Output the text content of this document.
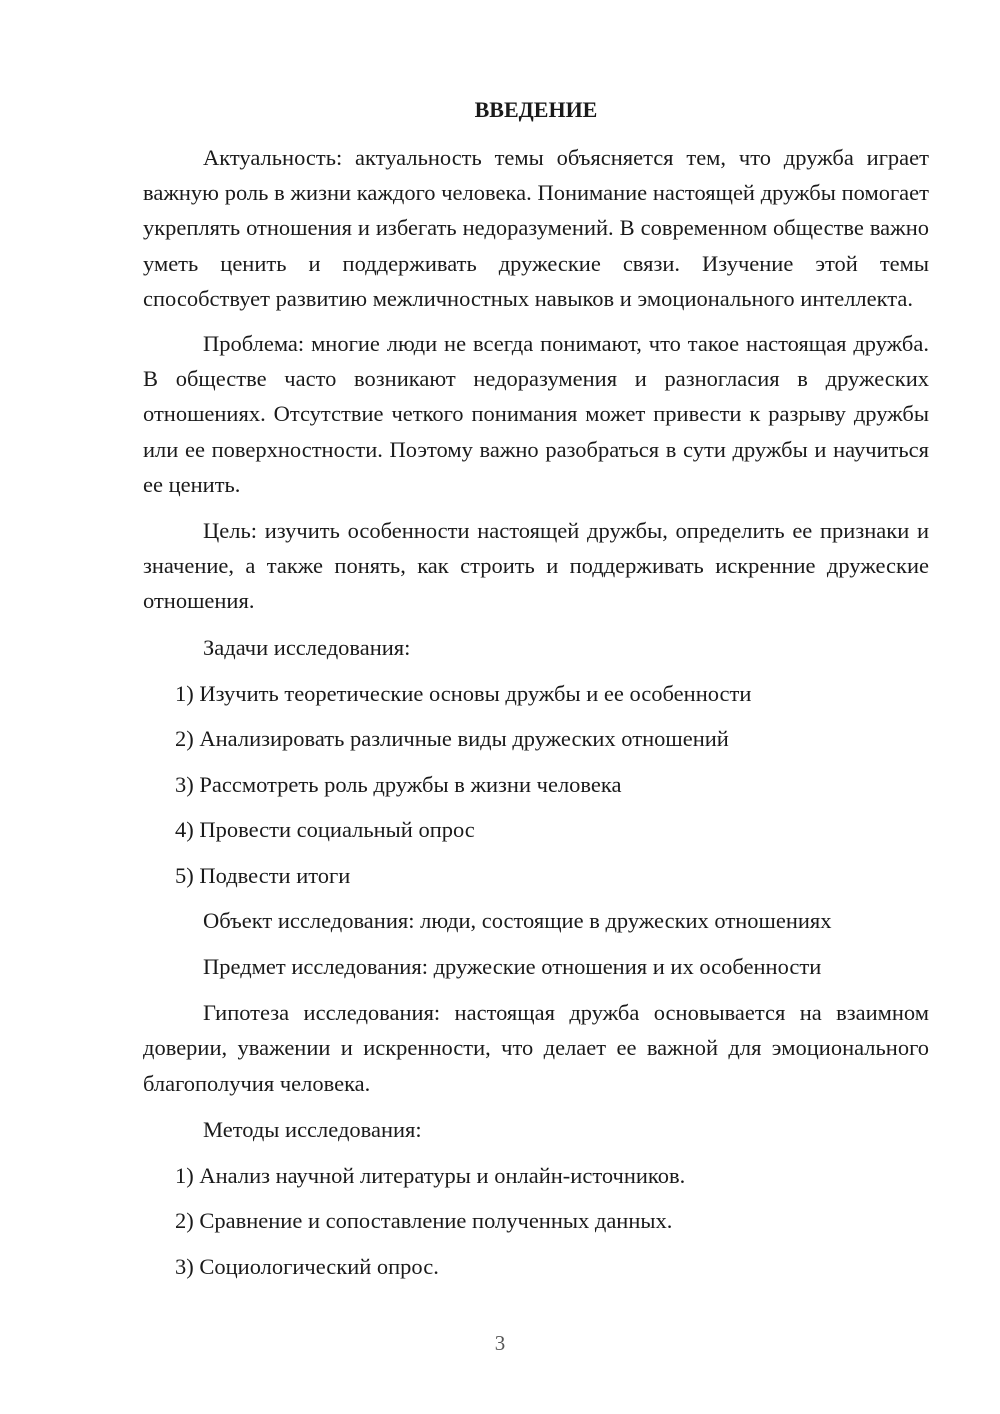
ВВЕДЕНИЕ

Актуальность: актуальность темы объясняется тем, что дружба играет важную роль в жизни каждого человека. Понимание настоящей дружбы помогает укреплять отношения и избегать недоразумений. В современном обществе важно уметь ценить и поддерживать дружеские связи. Изучение этой темы способствует развитию межличностных навыков и эмоционального интеллекта.

Проблема: многие люди не всегда понимают, что такое настоящая дружба. В обществе часто возникают недоразумения и разногласия в дружеских отношениях. Отсутствие четкого понимания может привести к разрыву дружбы или ее поверхностности. Поэтому важно разобраться в сути дружбы и научиться ее ценить.

Цель: изучить особенности настоящей дружбы, определить ее признаки и значение, а также понять, как строить и поддерживать искренние дружеские отношения.

Задачи исследования:

1) Изучить теоретические основы дружбы и ее особенности
2) Анализировать различные виды дружеских отношений
3) Рассмотреть роль дружбы в жизни человека
4) Провести социальный опрос
5) Подвести итоги

Объект исследования: люди, состоящие в дружеских отношениях

Предмет исследования: дружеские отношения и их особенности

Гипотеза исследования: настоящая дружба основывается на взаимном доверии, уважении и искренности, что делает ее важной для эмоционального благополучия человека.

Методы исследования:

1) Анализ научной литературы и онлайн-источников.
2) Сравнение и сопоставление полученных данных.
3) Социологический опрос.
3
